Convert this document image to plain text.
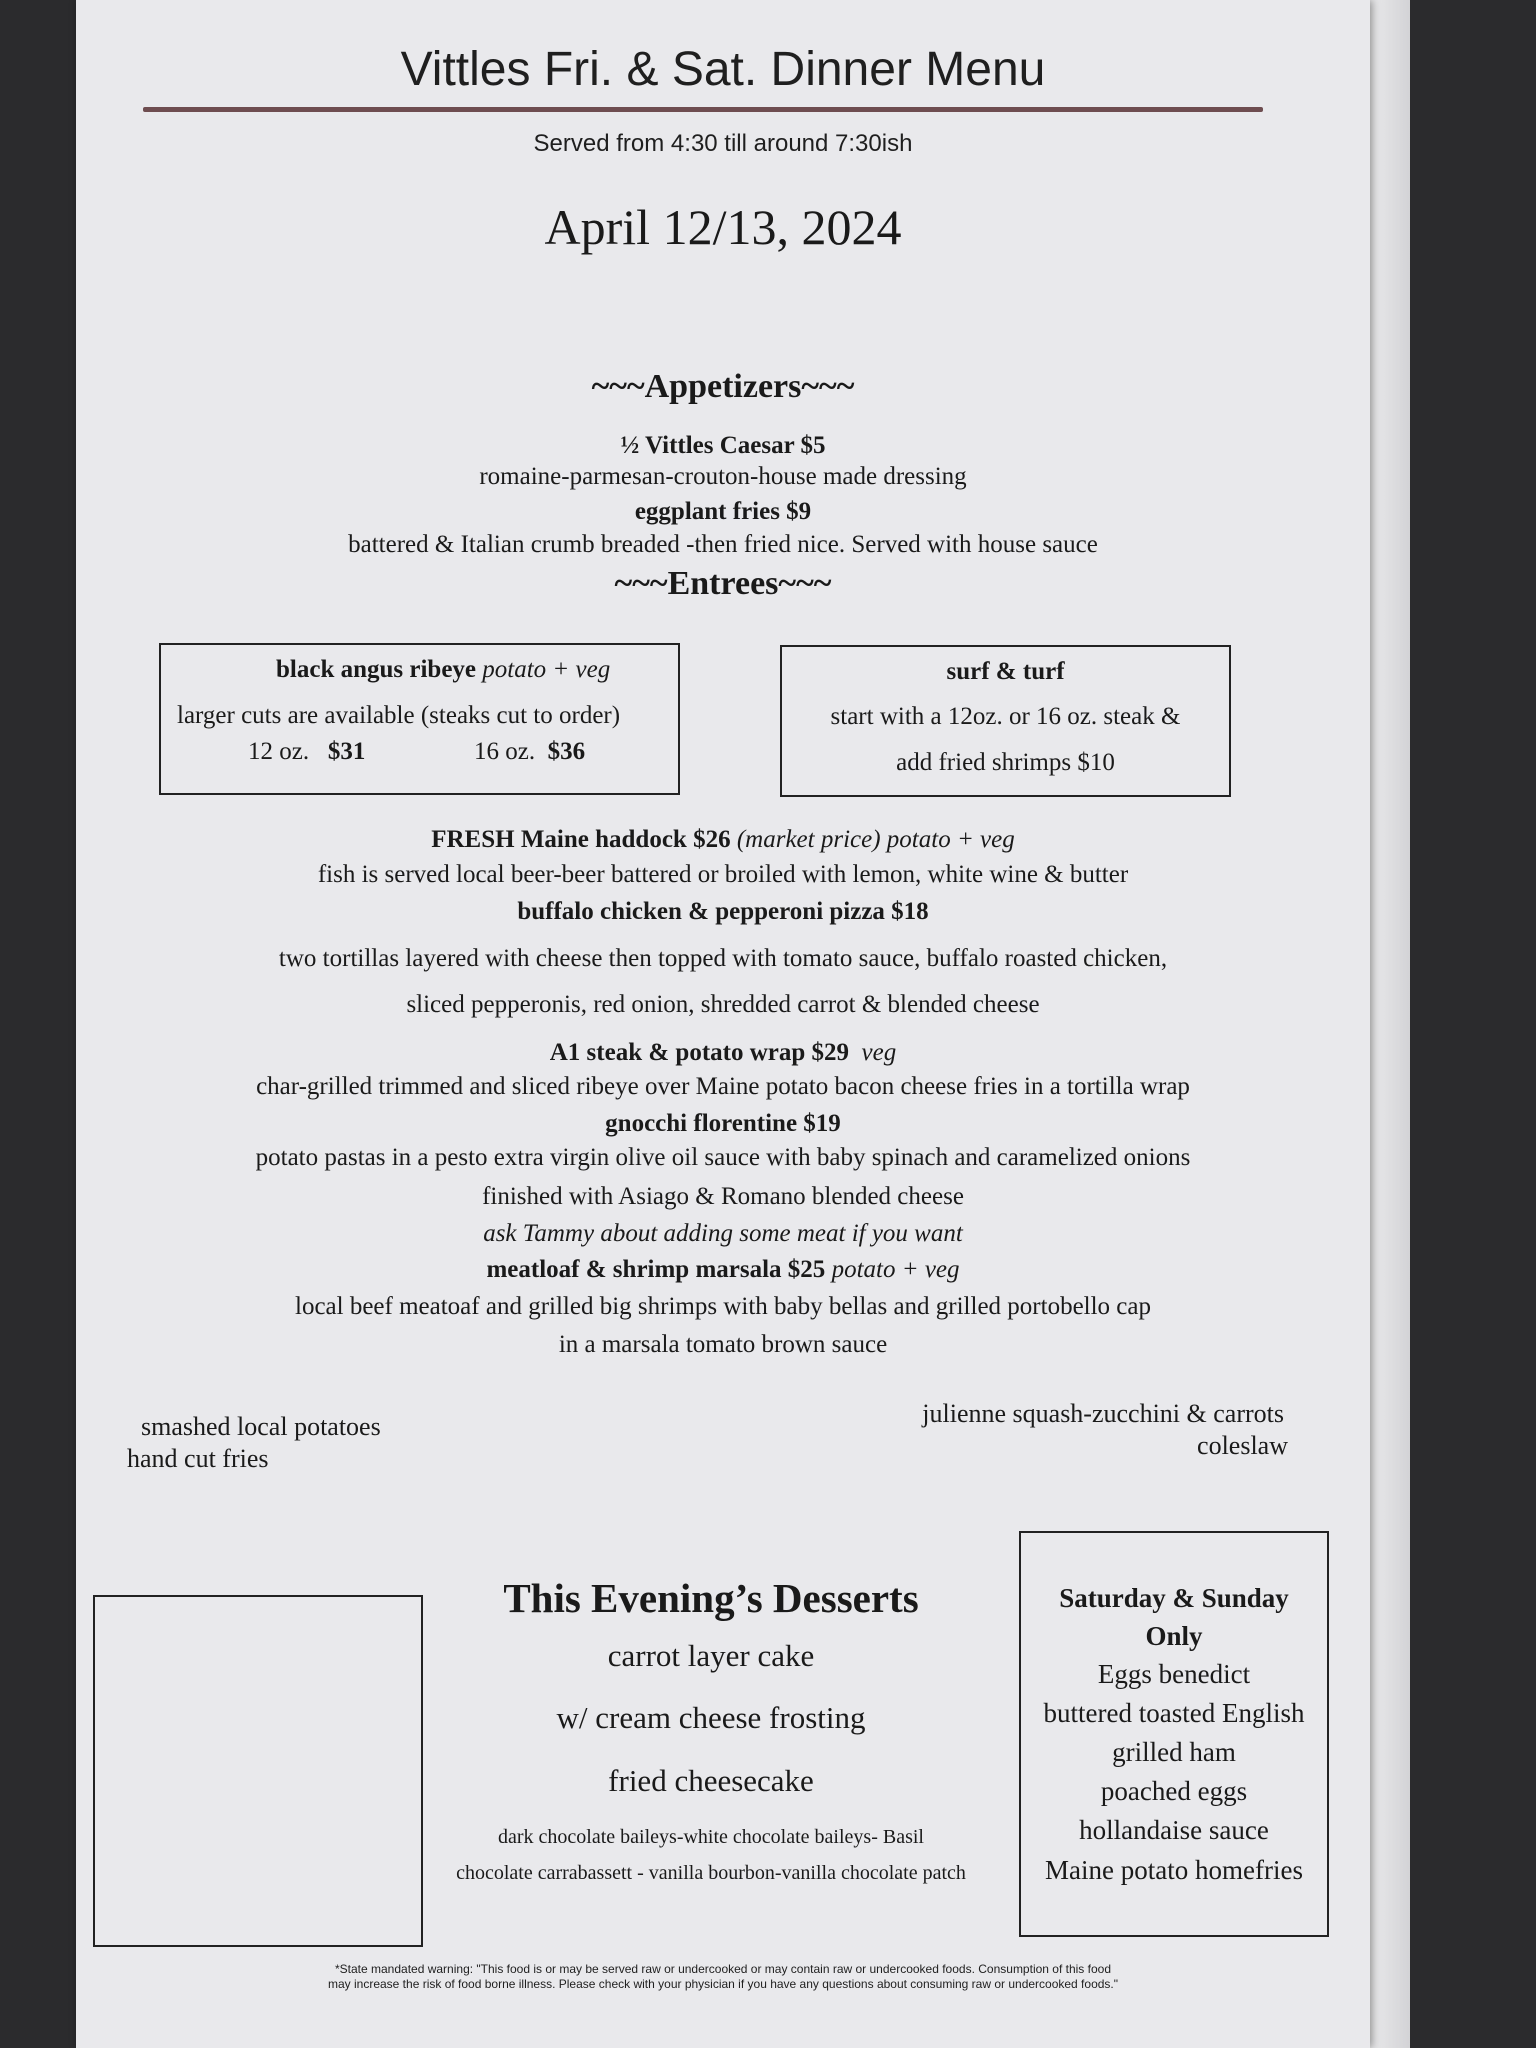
Vittles Fri. & Sat. Dinner Menu
Served from 4:30 till around 7:30ish
April 12/13, 2024
~~~Appetizers~~~
½ Vittles Caesar $5
romaine-parmesan-crouton-house made dressing
eggplant fries $9
battered & Italian crumb breaded -then fried nice. Served with house sauce
~~~Entrees~~~
black angus ribeye potato + veg
larger cuts are available (steaks cut to order)
12 oz. $31	16 oz. $36
surf & turf
start with a 12oz. or 16 oz. steak &
add fried shrimps $10
FRESH Maine haddock $26 (market price) potato + veg
fish is served local beer-beer battered or broiled with lemon, white wine & butter
buffalo chicken & pepperoni pizza $18
two tortillas layered with cheese then topped with tomato sauce, buffalo roasted chicken,
sliced pepperonis, red onion, shredded carrot & blended cheese
A1 steak & potato wrap $29 veg
char-grilled trimmed and sliced ribeye over Maine potato bacon cheese fries in a tortilla wrap
gnocchi florentine $19
potato pastas in a pesto extra virgin olive oil sauce with baby spinach and caramelized onions
finished with Asiago & Romano blended cheese
ask Tammy about adding some meat if you want
meatloaf & shrimp marsala $25 potato + veg
local beef meatoaf and grilled big shrimps with baby bellas and grilled portobello cap
in a marsala tomato brown sauce
smashed local potatoes
hand cut fries
julienne squash-zucchini & carrots
coleslaw
This Evening’s Desserts
carrot layer cake
w/ cream cheese frosting
fried cheesecake
dark chocolate baileys-white chocolate baileys- Basil
chocolate carrabassett - vanilla bourbon-vanilla chocolate patch
Saturday & Sunday
Only
Eggs benedict
buttered toasted English
grilled ham
poached eggs
hollandaise sauce
Maine potato homefries
*State mandated warning: "This food is or may be served raw or undercooked or may contain raw or undercooked foods. Consumption of this food
may increase the risk of food borne illness. Please check with your physician if you have any questions about consuming raw or undercooked foods."
